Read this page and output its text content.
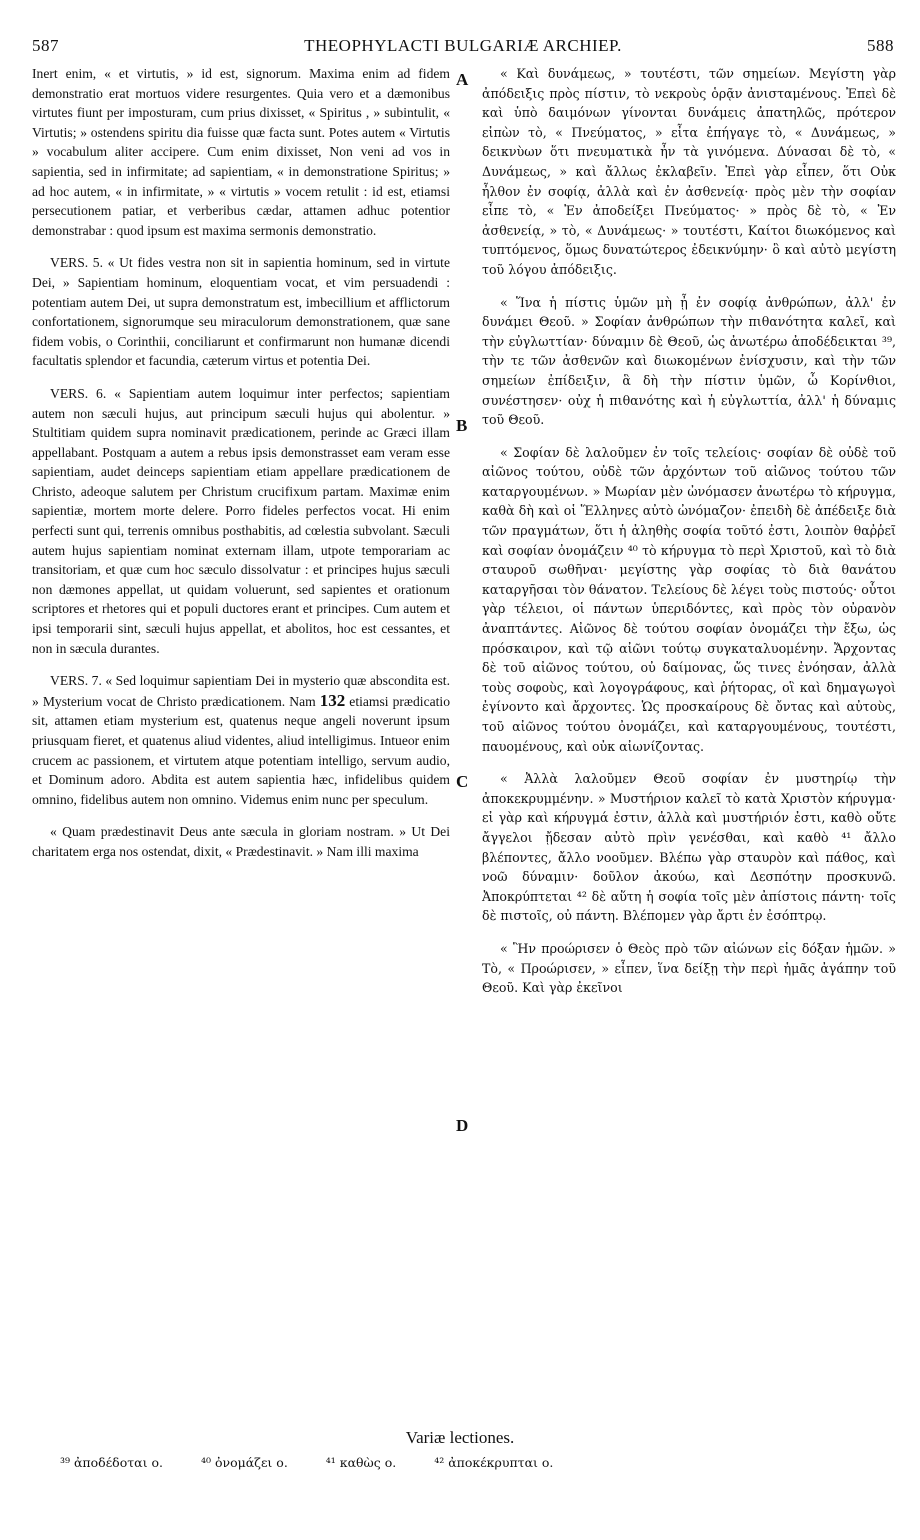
587	THEOPHYLACTI BULGARIÆ ARCHIEP.	588
A
B
C
D

Inert enim, « et virtutis, » id est, signorum. Maxima enim ad fidem demonstratio erat mortuos videre resurgentes. Quia vero et a dæmonibus virtutes fiunt per imposturam, cum prius dixisset, « Spiritus , » subintulit, « Virtutis; » ostendens spiritu dia fuisse quæ facta sunt. Potes autem « Virtutis » vocabulum aliter accipere. Cum enim dixisset, Non veni ad vos in sapientia, sed in infirmitate; ad sapientiam, « in demonstratione Spiritus; » ad hoc autem, « in infirmitate, » « virtutis » vocem retulit : id est, etiamsi persecutionem patiar, et verberibus cædar, attamen adhuc potentior demonstrabar : quod ipsum est maxima sermonis demonstratio.

VERS. 5. « Ut fides vestra non sit in sapientia hominum, sed in virtute Dei, » Sapientiam hominum, eloquentiam vocat, et vim persuadendi : potentiam autem Dei, ut supra demonstratum est, imbecillium et afflictorum confortationem, signorumque seu miraculorum demonstrationem, quæ sane fidem vobis, o Corinthii, conciliarunt et confirmarunt non humanæ dicendi facultatis splendor et facundia, cæterum virtus et potentia Dei.

VERS. 6. « Sapientiam autem loquimur inter perfectos; sapientiam autem non sæculi hujus, aut principum sæculi hujus qui abolentur. » Stultitiam quidem supra nominavit prædicationem, perinde ac Græci illam appellabant. Postquam a autem a rebus ipsis demonstrasset eam veram esse sapientiam, audet deinceps sapientiam etiam appellare prædicationem de Christo, adeoque salutem per Christum crucifixum partam. Maximæ enim sapientiæ, mortem morte delere. Porro fideles perfectos vocat. Hi enim perfecti sunt qui, terrenis omnibus posthabitis, ad cœlestia subvolant. Sæculi autem hujus sapientiam nominat externam illam, utpote temporariam ac transitoriam, et quæ cum hoc sæculo dissolvatur : et principes hujus sæculi non dæmones appellat, ut quidam voluerunt, sed sapientes et orationum scriptores et rhetores qui et populi ductores erant et principes. Cum autem et ipsi temporarii sint, sæculi hujus appellat, et abolitos, hoc est cessantes, et non in sæcula durantes.

VERS. 7. « Sed loquimur sapientiam Dei in mysterio quæ abscondita est. » Mysterium vocat de Christo prædicationem. Nam 132 etiamsi prædicatio sit, attamen etiam mysterium est, quatenus neque angeli noverunt ipsum priusquam fieret, et quatenus aliud videntes, aliud intelligimus. Intueor enim crucem ac passionem, et virtutem atque potentiam intelligo, servum audio, et Dominum adoro. Abdita est autem sapientia hæc, infidelibus quidem omnino, fidelibus autem non omnino. Videmus enim nunc per speculum.

« Quam prædestinavit Deus ante sæcula in gloriam nostram. » Ut Dei charitatem erga nos ostendat, dixit, « Prædestinavit. » Nam illi maxima

« Καὶ δυνάμεως, » τουτέστι, τῶν σημείων. Μεγίστη γὰρ ἀπόδειξις πρὸς πίστιν, τὸ νεκροὺς ὁρᾷν ἀνισταμένους. Ἐπεὶ δὲ καὶ ὑπὸ δαιμόνων γίνονται δυνάμεις ἀπατηλῶς, πρότερον εἰπὼν τὸ, « Πνεύματος, » εἶτα ἐπήγαγε τὸ, « Δυνάμεως, » δεικνὺων ὅτι πνευματικὰ ἦν τὰ γινόμενα. Δύνασαι δὲ τὸ, « Δυνάμεως, » καὶ ἄλλως ἐκλαβεῖν. Ἐπεὶ γὰρ εἶπεν, ὅτι Οὐκ ἦλθον ἐν σοφίᾳ, ἀλλὰ καὶ ἐν ἀσθενείᾳ· πρὸς μὲν τὴν σοφίαν εἶπε τὸ, « Ἐν ἀποδείξει Πνεύματος· » πρὸς δὲ τὸ, « Ἐν ἀσθενείᾳ, » τὸ, « Δυνάμεως· » τουτέστι, Καίτοι διωκόμενος καὶ τυπτόμενος, ὅμως δυνατώτερος ἐδεικνύμην· ὃ καὶ αὐτὸ μεγίστη τοῦ λόγου ἀπόδειξις.

« Ἵνα ἡ πίστις ὑμῶν μὴ ᾖ ἐν σοφίᾳ ἀνθρώπων, ἀλλ' ἐν δυνάμει Θεοῦ. » Σοφίαν ἀνθρώπων τὴν πιθανότητα καλεῖ, καὶ τὴν εὐγλωττίαν· δύναμιν δὲ Θεοῦ, ὡς ἀνωτέρω ἀποδέδεικται ³⁹, τὴν τε τῶν ἀσθενῶν καὶ διωκομένων ἐνίσχυσιν, καὶ τὴν τῶν σημείων ἐπίδειξιν, ἃ δὴ τὴν πίστιν ὑμῶν, ὦ Κορίνθιοι, συνέστησεν· οὐχ ἡ πιθανότης καὶ ἡ εὐγλωττία, ἀλλ' ἡ δύναμις τοῦ Θεοῦ.

« Σοφίαν δὲ λαλοῦμεν ἐν τοῖς τελείοις· σοφίαν δὲ οὐδὲ τοῦ αἰῶνος τούτου, οὐδὲ τῶν ἀρχόντων τοῦ αἰῶνος τούτου τῶν καταργουμένων. » Μωρίαν μὲν ὠνόμασεν ἀνωτέρω τὸ κήρυγμα, καθὰ δὴ καὶ οἱ Ἕλληνες αὐτὸ ὠνόμαζον· ἐπειδὴ δὲ ἀπέδειξε διὰ τῶν πραγμάτων, ὅτι ἡ ἀληθὴς σοφία τοῦτό ἐστι, λοιπὸν θαῤῥεῖ καὶ σοφίαν ὀνομάζειν ⁴⁰ τὸ κήρυγμα τὸ περὶ Χριστοῦ, καὶ τὸ διὰ σταυροῦ σωθῆναι· μεγίστης γὰρ σοφίας τὸ διὰ θανάτου καταργῆσαι τὸν θάνατον. Τελείους δὲ λέγει τοὺς πιστούς· οὗτοι γὰρ τέλειοι, οἱ πάντων ὑπεριδόντες, καὶ πρὸς τὸν οὐρανὸν ἀναπτάντες. Αἰῶνος δὲ τούτου σοφίαν ὀνομάζει τὴν ἔξω, ὡς πρόσκαιρον, καὶ τῷ αἰῶνι τούτῳ συγκαταλυομένην. Ἄρχοντας δὲ τοῦ αἰῶνος τούτου, οὐ δαίμονας, ὥς τινες ἐνόησαν, ἀλλὰ τοὺς σοφοὺς, καὶ λογογράφους, καὶ ῥήτορας, οἳ καὶ δημαγωγοὶ ἐγίνοντο καὶ ἄρχοντες. Ὡς προσκαίρους δὲ ὄντας καὶ αὐτοὺς, τοῦ αἰῶνος τούτου ὀνομάζει, καὶ καταργουμένους, τουτέστι, παυομένους, καὶ οὐκ αἰωνίζοντας.

« Ἀλλὰ λαλοῦμεν Θεοῦ σοφίαν ἐν μυστηρίῳ τὴν ἀποκεκρυμμένην. » Μυστήριον καλεῖ τὸ κατὰ Χριστὸν κήρυγμα· εἰ γὰρ καὶ κήρυγμά ἐστιν, ἀλλὰ καὶ μυστήριόν ἐστι, καθὸ οὔτε ἄγγελοι ᾔδεσαν αὐτὸ πρὶν γενέσθαι, καὶ καθὸ ⁴¹ ἄλλο βλέποντες, ἄλλο νοοῦμεν. Βλέπω γὰρ σταυρὸν καὶ πάθος, καὶ νοῶ δύναμιν· δοῦλον ἀκούω, καὶ Δεσπότην προσκυνῶ. Ἀποκρύπτεται ⁴² δὲ αὕτη ἡ σοφία τοῖς μὲν ἀπίστοις πάντη· τοῖς δὲ πιστοῖς, οὐ πάντη. Βλέπομεν γὰρ ἄρτι ἐν ἐσόπτρῳ.

« Ἣν προώρισεν ὁ Θεὸς πρὸ τῶν αἰώνων εἰς δόξαν ἡμῶν. » Τὸ, « Προώρισεν, » εἶπεν, ἵνα δείξῃ τὴν περὶ ἡμᾶς ἀγάπην τοῦ Θεοῦ. Καὶ γὰρ ἐκεῖνοι

Variæ lectiones.
³⁹ ἀποδέδοται ο.	⁴⁰ ὀνομάζει ο.	⁴¹ καθὼς ο.	⁴² ἀποκέκρυπται ο.
